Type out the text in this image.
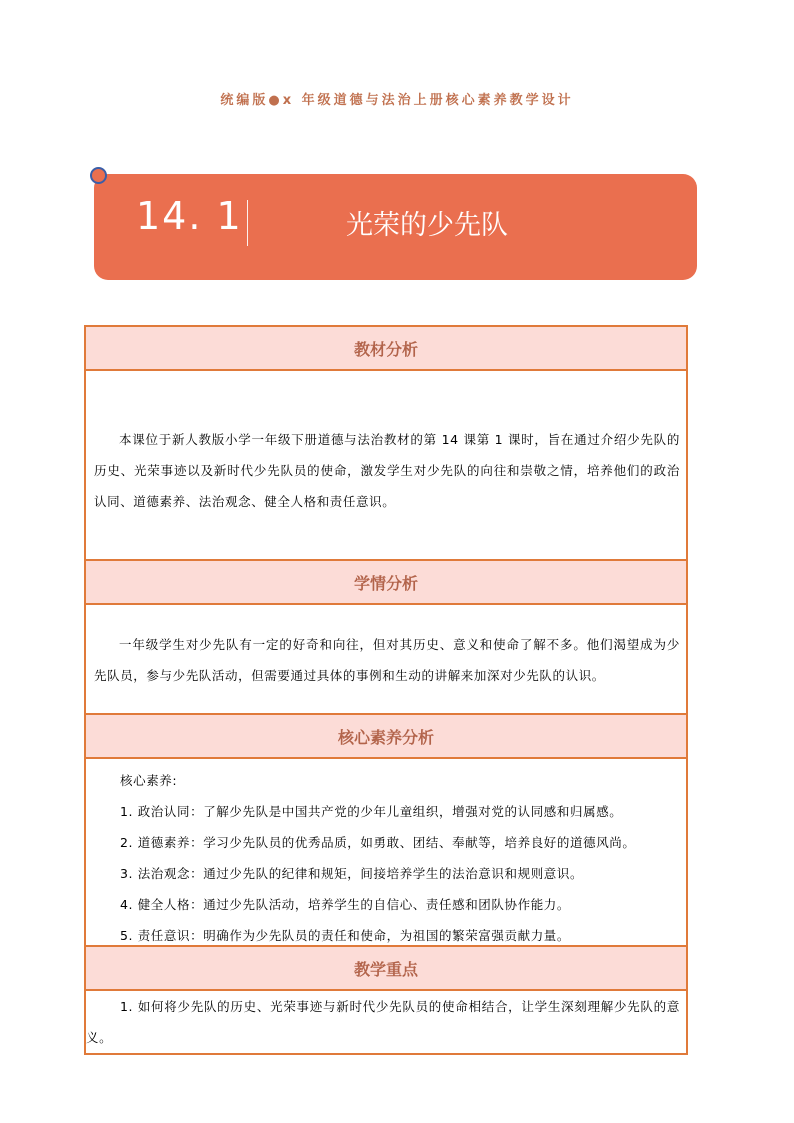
统编版●x 年级道德与法治上册核心素养教学设计
14. 1	光荣的少先队
教材分析

本课位于新人教版小学一年级下册道德与法治教材的第 14 课第 1 课时，旨在通过介绍少先队的历史、光荣事迹以及新时代少先队员的使命，激发学生对少先队的向往和崇敬之情，培养他们的政治认同、道德素养、法治观念、健全人格和责任意识。

学情分析

一年级学生对少先队有一定的好奇和向往，但对其历史、意义和使命了解不多。他们渴望成为少先队员，参与少先队活动，但需要通过具体的事例和生动的讲解来加深对少先队的认识。

核心素养分析

核心素养:

1. 政治认同：了解少先队是中国共产党的少年儿童组织，增强对党的认同感和归属感。

2. 道德素养：学习少先队员的优秀品质，如勇敢、团结、奉献等，培养良好的道德风尚。

3. 法治观念：通过少先队的纪律和规矩，间接培养学生的法治意识和规则意识。

4. 健全人格：通过少先队活动，培养学生的自信心、责任感和团队协作能力。

5. 责任意识：明确作为少先队员的责任和使命，为祖国的繁荣富强贡献力量。

教学重点

1. 如何将少先队的历史、光荣事迹与新时代少先队员的使命相结合，让学生深刻理解少先队的意义。
